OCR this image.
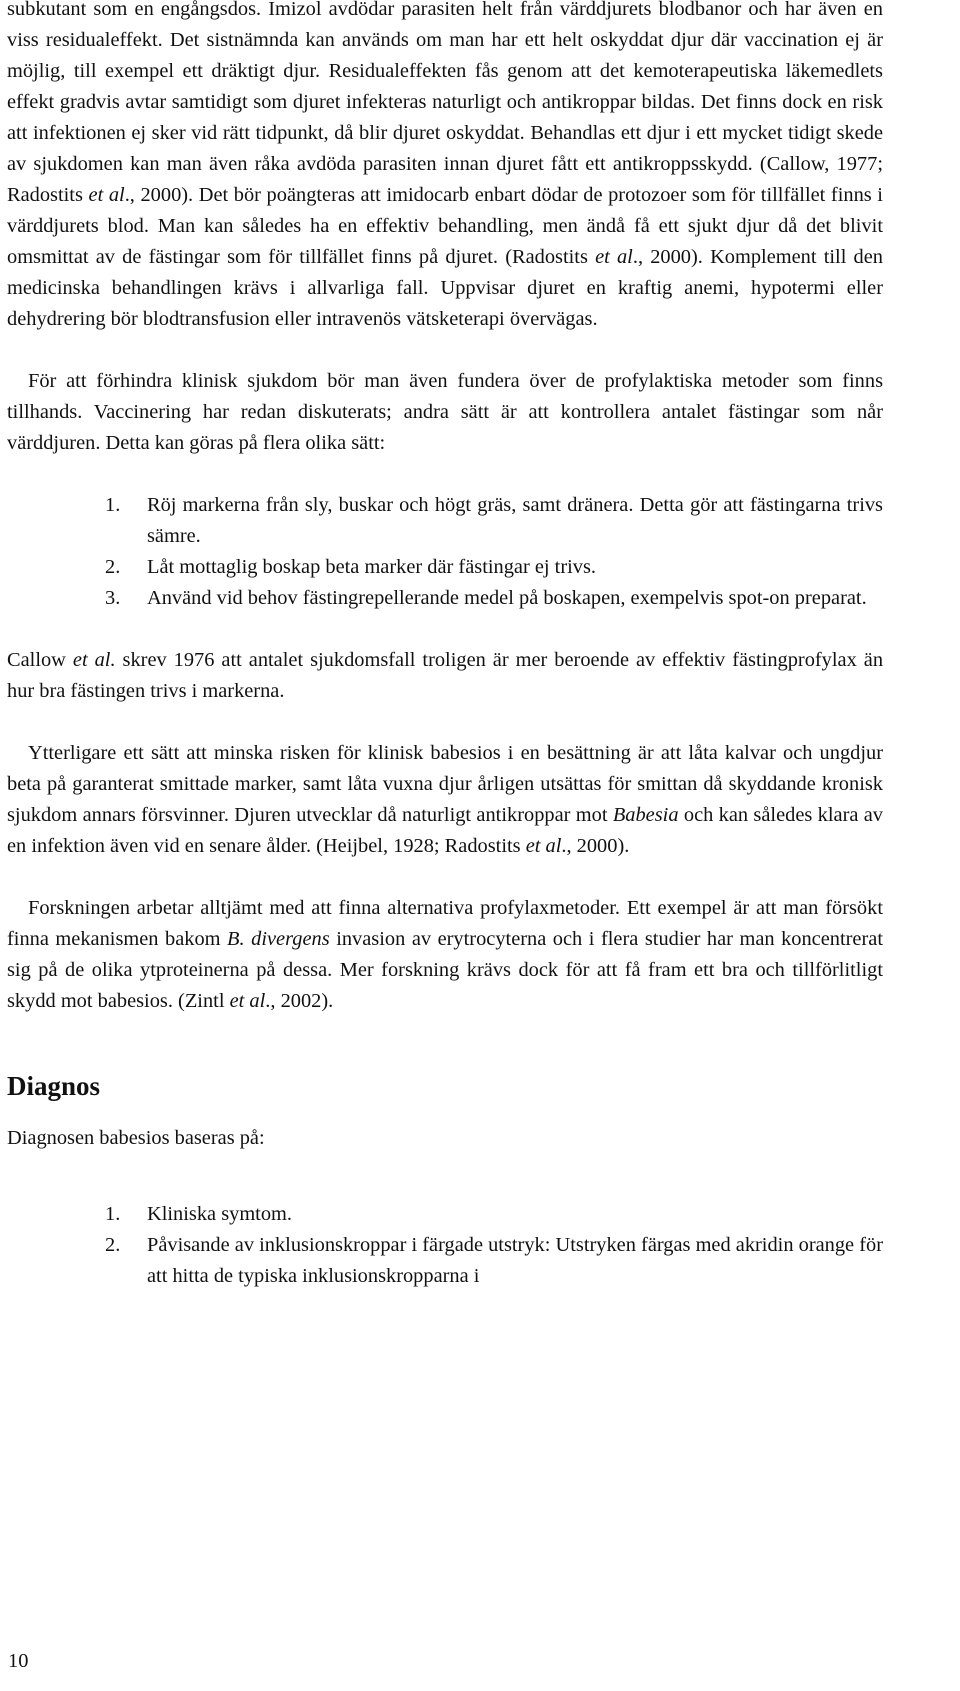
subkutant som en engångsdos. Imizol avdödar parasiten helt från värddjurets blodbanor och har även en viss residualeffekt. Det sistnämnda kan används om man har ett helt oskyddat djur där vaccination ej är möjlig, till exempel ett dräktigt djur. Residualeffekten fås genom att det kemoterapeutiska läkemedlets effekt gradvis avtar samtidigt som djuret infekteras naturligt och antikroppar bildas. Det finns dock en risk att infektionen ej sker vid rätt tidpunkt, då blir djuret oskyddat. Behandlas ett djur i ett mycket tidigt skede av sjukdomen kan man även råka avdöda parasiten innan djuret fått ett antikroppsskydd. (Callow, 1977; Radostits et al., 2000). Det bör poängteras att imidocarb enbart dödar de protozoer som för tillfället finns i värddjurets blod. Man kan således ha en effektiv behandling, men ändå få ett sjukt djur då det blivit omsmittat av de fästingar som för tillfället finns på djuret. (Radostits et al., 2000). Komplement till den medicinska behandlingen krävs i allvarliga fall. Uppvisar djuret en kraftig anemi, hypotermi eller dehydrering bör blodtransfusion eller intravenös vätsketerapi övervägas.

För att förhindra klinisk sjukdom bör man även fundera över de profylaktiska metoder som finns tillhands. Vaccinering har redan diskuterats; andra sätt är att kontrollera antalet fästingar som når värddjuren. Detta kan göras på flera olika sätt:

1. Röj markerna från sly, buskar och högt gräs, samt dränera. Detta gör att fästingarna trivs sämre.
2. Låt mottaglig boskap beta marker där fästingar ej trivs.
3. Använd vid behov fästingrepellerande medel på boskapen, exempelvis spot-on preparat.

Callow et al. skrev 1976 att antalet sjukdomsfall troligen är mer beroende av effektiv fästingprofylax än hur bra fästingen trivs i markerna.

Ytterligare ett sätt att minska risken för klinisk babesios i en besättning är att låta kalvar och ungdjur beta på garanterat smittade marker, samt låta vuxna djur årligen utsättas för smittan då skyddande kronisk sjukdom annars försvinner. Djuren utvecklar då naturligt antikroppar mot Babesia och kan således klara av en infektion även vid en senare ålder. (Heijbel, 1928; Radostits et al., 2000).

Forskningen arbetar alltjämt med att finna alternativa profylaxmetoder. Ett exempel är att man försökt finna mekanismen bakom B. divergens invasion av erytrocyterna och i flera studier har man koncentrerat sig på de olika ytproteinerna på dessa. Mer forskning krävs dock för att få fram ett bra och tillförlitligt skydd mot babesios. (Zintl et al., 2002).

Diagnos

Diagnosen babesios baseras på:

1. Kliniska symtom.
2. Påvisande av inklusionskroppar i färgade utstryk: Utstryken färgas med akridin orange för att hitta de typiska inklusionskropparna i
10
